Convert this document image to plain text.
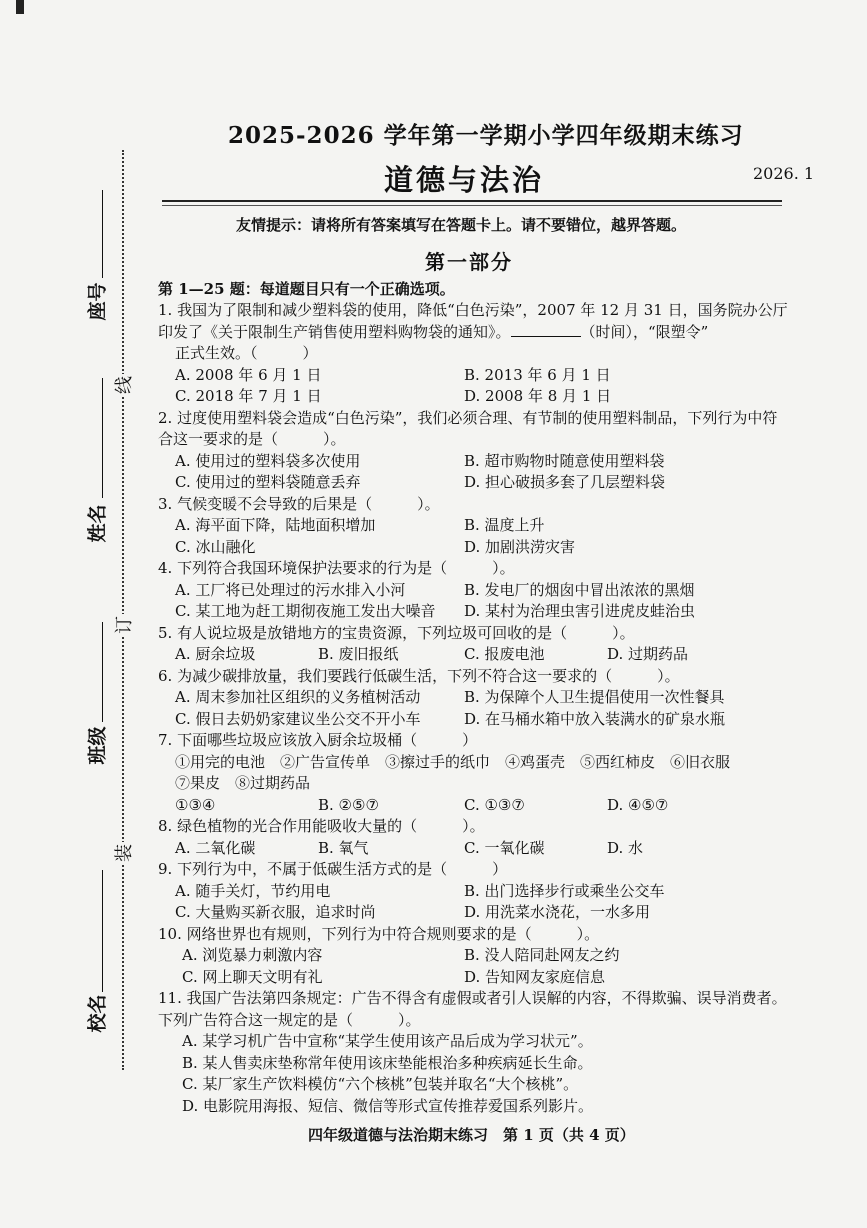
线
订
装
座号
姓名
班级
校名
2025-2026 学年第一学期小学四年级期末练习
道德与法治	2026. 1
友情提示：请将所有答案填写在答题卡上。请不要错位，越界答题。
第一部分
第 1—25 题：每道题目只有一个正确选项。
1. 我国为了限制和减少塑料袋的使用，降低“白色污染”，2007 年 12 月 31 日，国务院办公厅印发了《关于限制生产销售使用塑料购物袋的通知》。	（时间），“限塑令”
正式生效。（　　　）
A. 2008 年 6 月 1 日	B. 2013 年 6 月 1 日
C. 2018 年 7 月 1 日	D. 2008 年 8 月 1 日
2. 过度使用塑料袋会造成“白色污染”，我们必须合理、有节制的使用塑料制品，下列行为中符合这一要求的是（　　　）。
A. 使用过的塑料袋多次使用	B. 超市购物时随意使用塑料袋
C. 使用过的塑料袋随意丢弃	D. 担心破损多套了几层塑料袋
3. 气候变暖不会导致的后果是（　　　）。
A. 海平面下降，陆地面积增加	B. 温度上升
C. 冰山融化	D. 加剧洪涝灾害
4. 下列符合我国环境保护法要求的行为是（　　　）。
A. 工厂将已处理过的污水排入小河	B. 发电厂的烟囱中冒出浓浓的黑烟
C. 某工地为赶工期彻夜施工发出大噪音 D. 某村为治理虫害引进虎皮蛙治虫
5. 有人说垃圾是放错地方的宝贵资源，下列垃圾可回收的是（　　　）。
A. 厨余垃圾	B. 废旧报纸	C. 报废电池	D. 过期药品
6. 为减少碳排放量，我们要践行低碳生活，下列不符合这一要求的（　　　）。
A. 周末参加社区组织的义务植树活动	B. 为保障个人卫生提倡使用一次性餐具
C. 假日去奶奶家建议坐公交不开小车	D. 在马桶水箱中放入装满水的矿泉水瓶
7. 下面哪些垃圾应该放入厨余垃圾桶（　　　）
①用完的电池　②广告宣传单　③擦过手的纸巾　④鸡蛋壳　⑤西红柿皮　⑥旧衣服
⑦果皮　⑧过期药品
①③④	B. ②⑤⑦	C. ①③⑦	D. ④⑤⑦
8. 绿色植物的光合作用能吸收大量的（　　　）。
A. 二氧化碳	B. 氧气	C. 一氧化碳	D. 水
9. 下列行为中，不属于低碳生活方式的是（　　　）
A. 随手关灯，节约用电	B. 出门选择步行或乘坐公交车
C. 大量购买新衣服，追求时尚	D. 用洗菜水浇花，一水多用
10. 网络世界也有规则，下列行为中符合规则要求的是（　　　）。
A. 浏览暴力刺激内容	B. 没人陪同赴网友之约
C. 网上聊天文明有礼	D. 告知网友家庭信息
11. 我国广告法第四条规定：广告不得含有虚假或者引人误解的内容，不得欺骗、误导消费者。下列广告符合这一规定的是（　　　）。
A. 某学习机广告中宣称“某学生使用该产品后成为学习状元”。
B. 某人售卖床垫称常年使用该床垫能根治多种疾病延长生命。
C. 某厂家生产饮料模仿“六个核桃”包装并取名“大个核桃”。
D. 电影院用海报、短信、微信等形式宣传推荐爱国系列影片。
四年级道德与法治期末练习　第 1 页（共 4 页）
